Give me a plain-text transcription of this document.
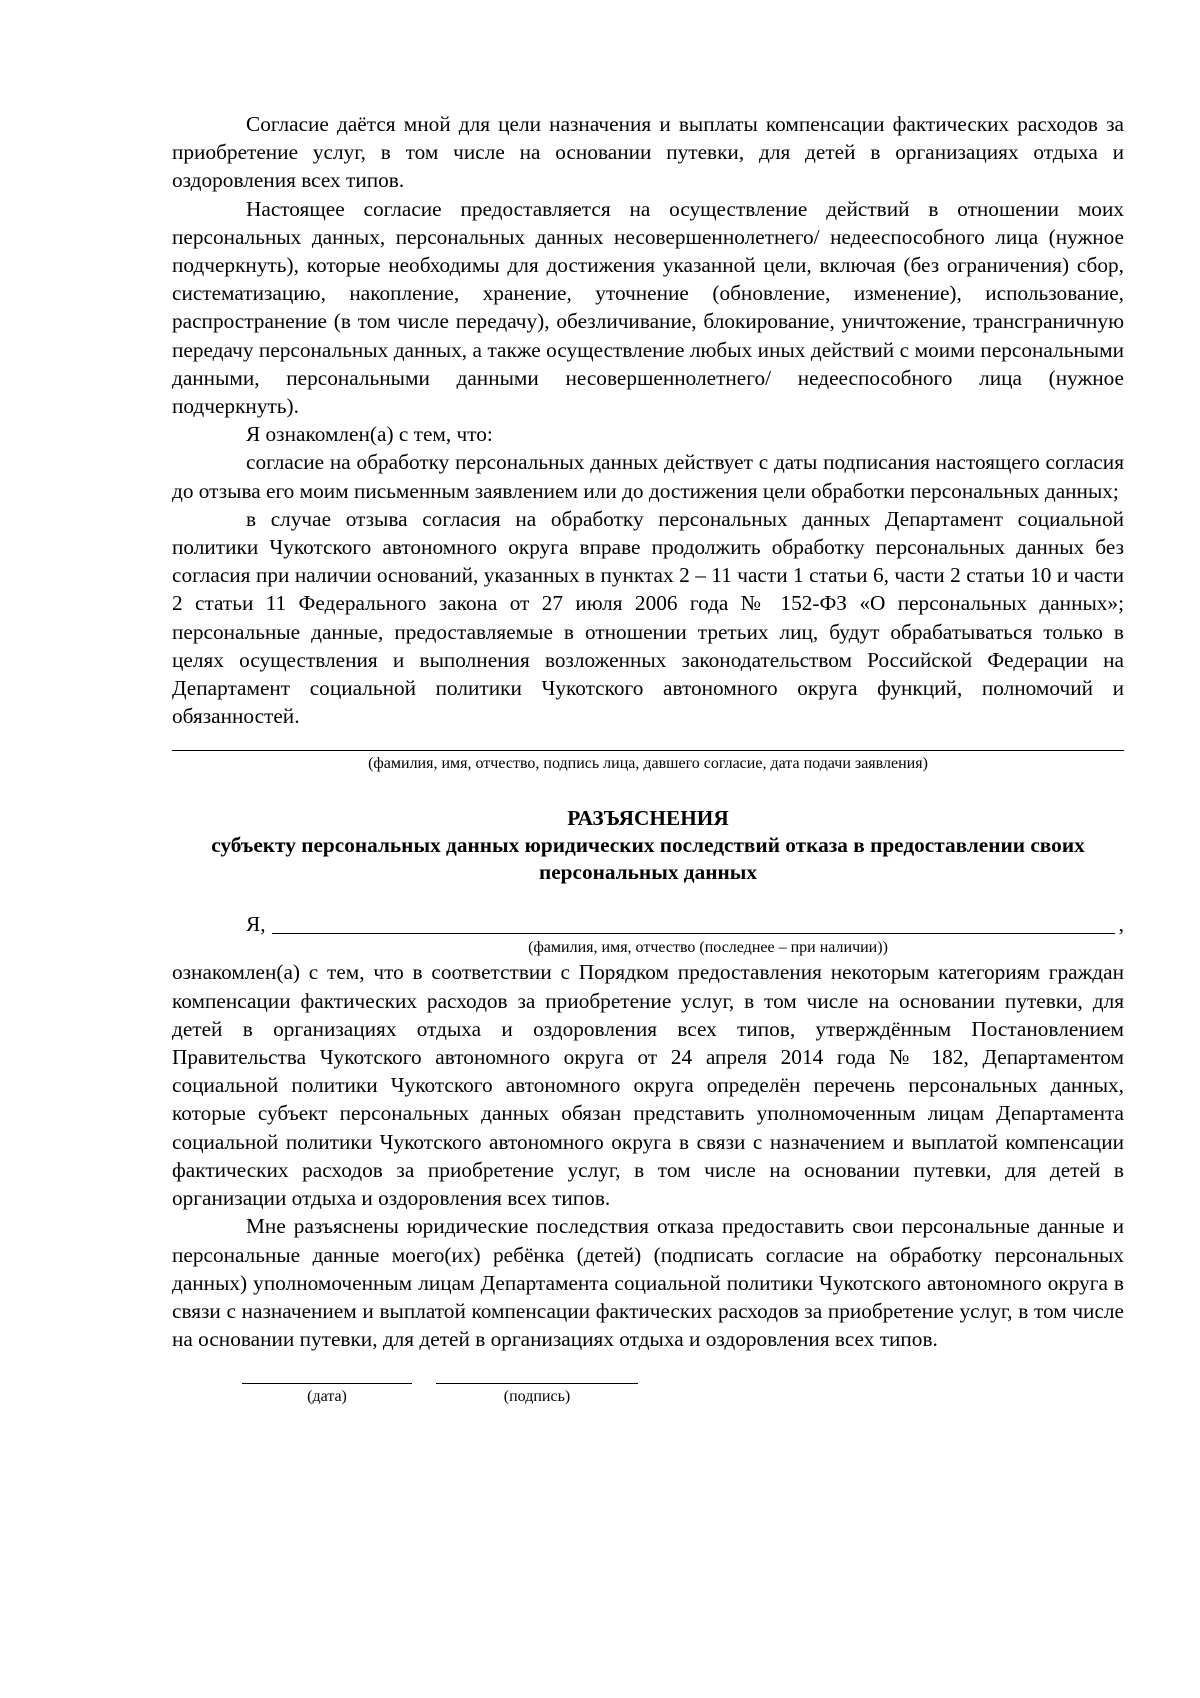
Согласие даётся мной для цели назначения и выплаты компенсации фактических расходов за приобретение услуг, в том числе на основании путевки, для детей в организациях отдыха и оздоровления всех типов.

Настоящее согласие предоставляется на осуществление действий в отношении моих персональных данных, персональных данных несовершеннолетнего/ недееспособного лица (нужное подчеркнуть), которые необходимы для достижения указанной цели, включая (без ограничения) сбор, систематизацию, накопление, хранение, уточнение (обновление, изменение), использование, распространение (в том числе передачу), обезличивание, блокирование, уничтожение, трансграничную передачу персональных данных, а также осуществление любых иных действий с моими персональными данными, персональными данными несовершеннолетнего/ недееспособного лица (нужное подчеркнуть).

Я ознакомлен(а) с тем, что:

согласие на обработку персональных данных действует с даты подписания настоящего согласия до отзыва его моим письменным заявлением или до достижения цели обработки персональных данных;

в случае отзыва согласия на обработку персональных данных Департамент социальной политики Чукотского автономного округа вправе продолжить обработку персональных данных без согласия при наличии оснований, указанных в пунктах 2 – 11 части 1 статьи 6, части 2 статьи 10 и части 2 статьи 11 Федерального закона от 27 июля 2006 года № 152-ФЗ «О персональных данных»; персональные данные, предоставляемые в отношении третьих лиц, будут обрабатываться только в целях осуществления и выполнения возложенных законодательством Российской Федерации на Департамент социальной политики Чукотского автономного округа функций, полномочий и обязанностей.

(фамилия, имя, отчество, подпись лица, давшего согласие, дата подачи заявления)
РАЗЪЯСНЕНИЯ
субъекту персональных данных юридических последствий отказа в предоставлении своих персональных данных
Я,	,
(фамилия, имя, отчество (последнее – при наличии))

ознакомлен(а) с тем, что в соответствии с Порядком предоставления некоторым категориям граждан компенсации фактических расходов за приобретение услуг, в том числе на основании путевки, для детей в организациях отдыха и оздоровления всех типов, утверждённым Постановлением Правительства Чукотского автономного округа от 24 апреля 2014 года № 182, Департаментом социальной политики Чукотского автономного округа определён перечень персональных данных, которые субъект персональных данных обязан представить уполномоченным лицам Департамента социальной политики Чукотского автономного округа в связи с назначением и выплатой компенсации фактических расходов за приобретение услуг, в том числе на основании путевки, для детей в организации отдыха и оздоровления всех типов.

Мне разъяснены юридические последствия отказа предоставить свои персональные данные и персональные данные моего(их) ребёнка (детей) (подписать согласие на обработку персональных данных) уполномоченным лицам Департамента социальной политики Чукотского автономного округа в связи с назначением и выплатой компенсации фактических расходов за приобретение услуг, в том числе на основании путевки, для детей в организациях отдыха и оздоровления всех типов.

(дата)	(подпись)
